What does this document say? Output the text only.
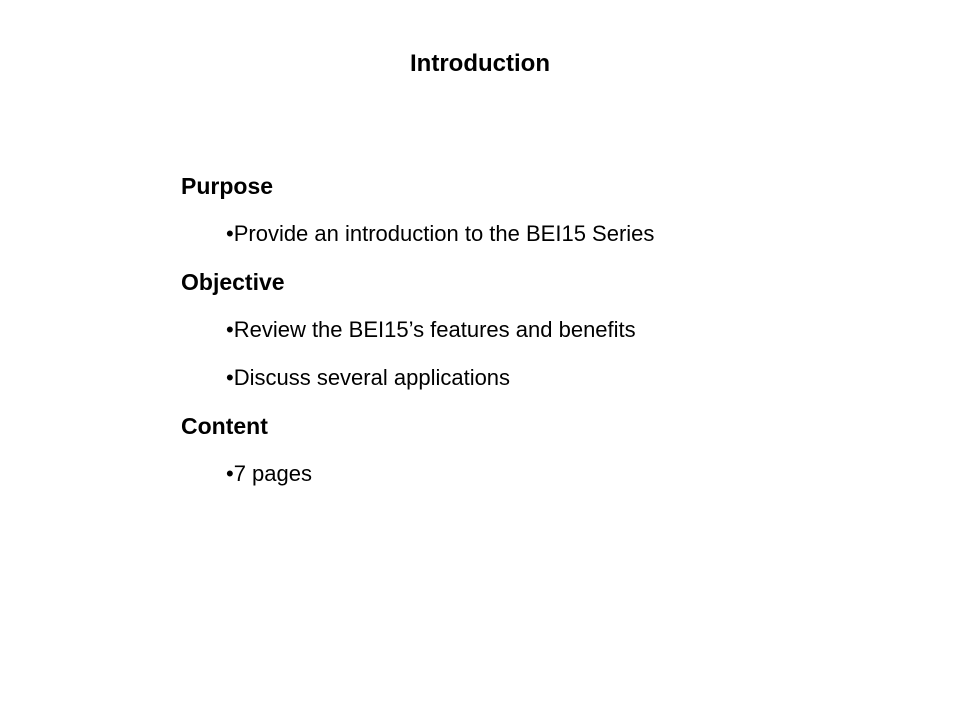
Introduction
Purpose
•Provide an introduction to the BEI15 Series
Objective
•Review the BEI15’s features and benefits
•Discuss several applications
Content
•7 pages
